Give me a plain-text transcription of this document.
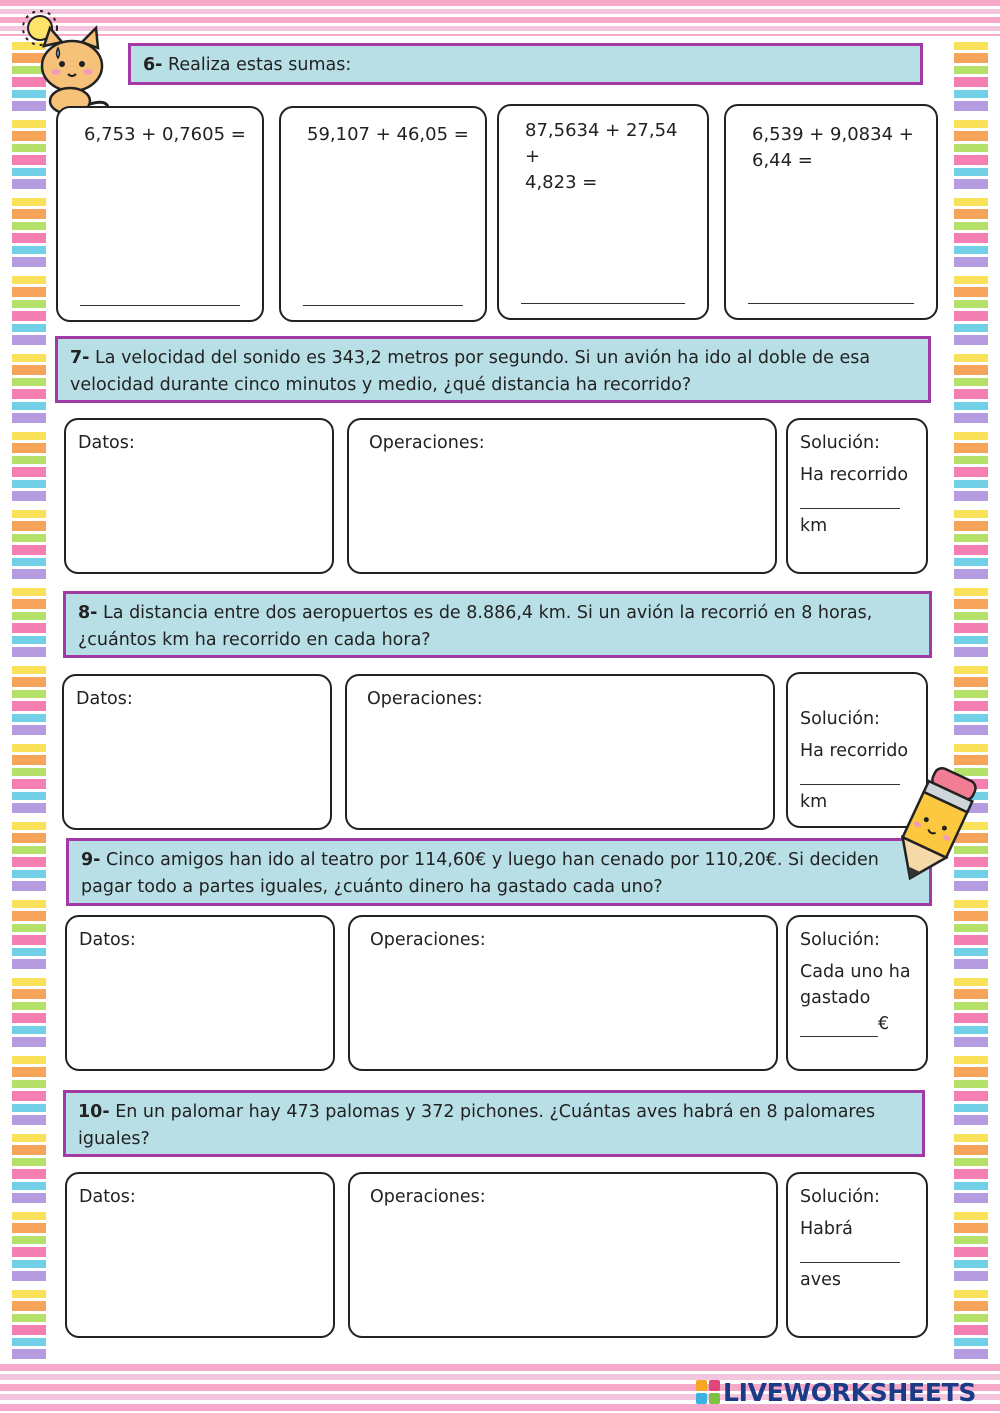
6- Realiza estas sumas:
6,753 + 0,7605 =	59,107 + 46,05 =	87,5634 + 27,54 +
4,823 =
6,539 + 9,0834 +
6,44 =
7- La velocidad del sonido es 343,2 metros por segundo. Si un avión ha ido al doble de esa
velocidad durante cinco minutos y medio, ¿qué distancia ha recorrido?
Datos:	Operaciones:	Solución:
Ha recorrido
km
8- La distancia entre dos aeropuertos es de 8.886,4 km. Si un avión la recorrió en 8 horas,
¿cuántos km ha recorrido en cada hora?
Datos:	Operaciones:
Solución:
Ha recorrido
km
9- Cinco amigos han ido al teatro por 114,60€ y luego han cenado por 110,20€. Si deciden
pagar todo a partes iguales, ¿cuánto dinero ha gastado cada uno?
Datos:	Operaciones:	Solución:
Cada uno ha
gastado
€
10- En un palomar hay 473 palomas y 372 pichones. ¿Cuántas aves habrá en 8 palomares
iguales?
Datos:	Operaciones:	Solución:
Habrá
aves
LIVEWORKSHEETS
